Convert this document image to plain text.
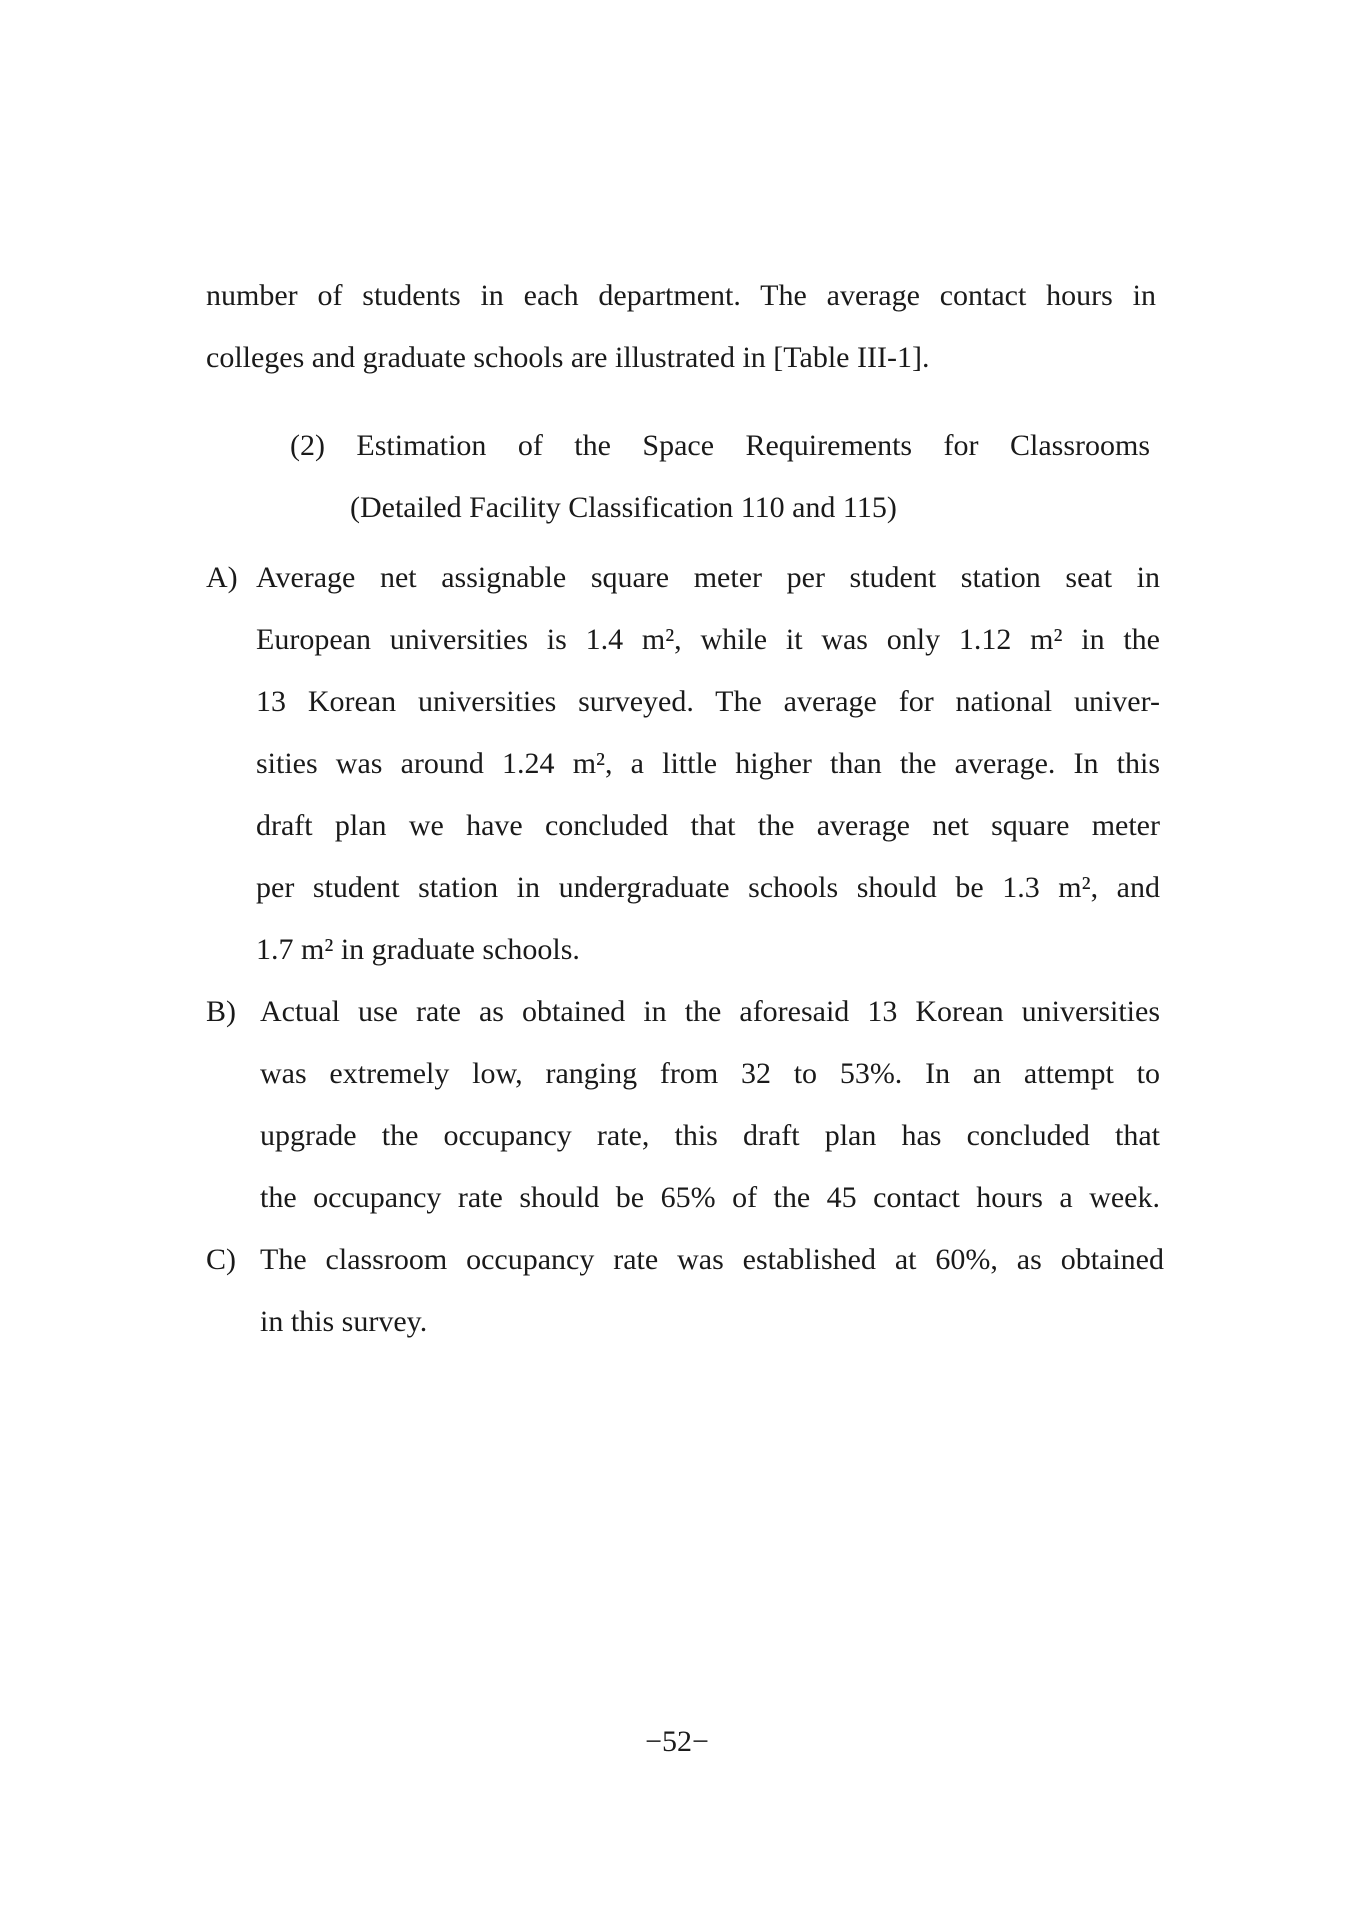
number of students in each department. The average contact hours in
colleges and graduate schools are illustrated in [Table III-1].
(2) Estimation of the Space Requirements for Classrooms
(Detailed Facility Classification 110 and 115)
A) Average net assignable square meter per student station seat in
European universities is 1.4 m², while it was only 1.12 m² in the
13 Korean universities surveyed. The average for national univer-
sities was around 1.24 m², a little higher than the average. In this
draft plan we have concluded that the average net square meter
per student station in undergraduate schools should be 1.3 m², and
1.7 m² in graduate schools.
B) Actual use rate as obtained in the aforesaid 13 Korean universities
was extremely low, ranging from 32 to 53%. In an attempt to
upgrade the occupancy rate, this draft plan has concluded that
the occupancy rate should be 65% of the 45 contact hours a week.
C) The classroom occupancy rate was established at 60%, as obtained
in this survey.
−52−
